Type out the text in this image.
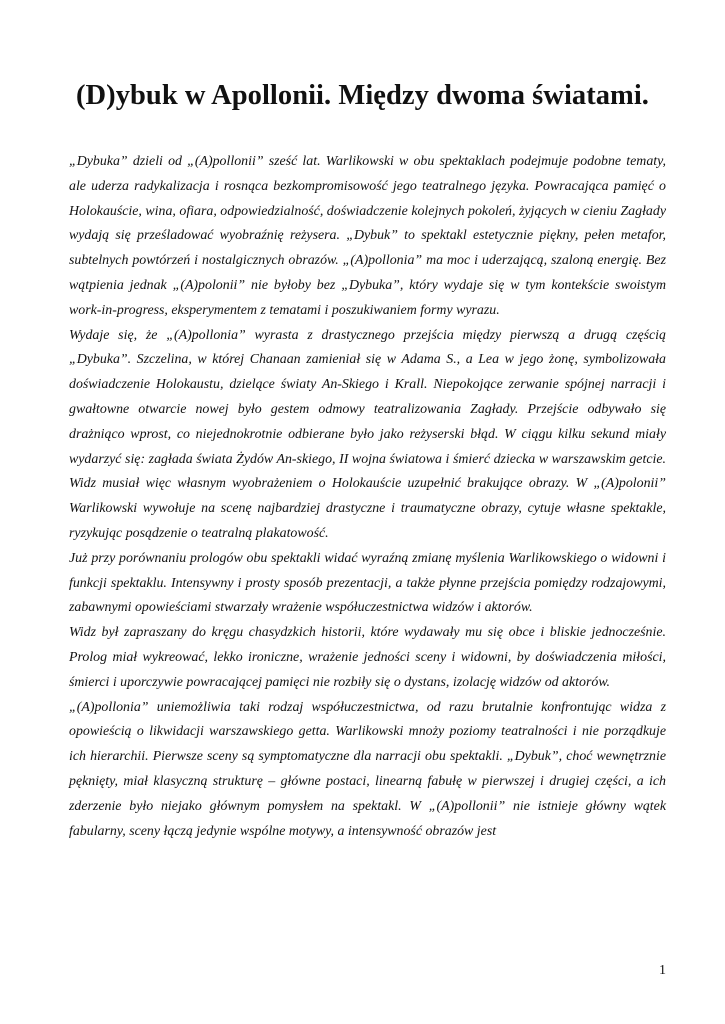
(D)ybuk w Apollonii. Między dwoma światami.

„Dybuka” dzieli od „(A)pollonii” sześć lat. Warlikowski w obu spektaklach podejmuje podobne tematy, ale uderza radykalizacja i rosnąca bezkompromisowość jego teatralnego języka. Powracająca pamięć o Holokauście, wina, ofiara, odpowiedzialność, doświadczenie kolejnych pokoleń, żyjących w cieniu Zagłady wydają się prześladować wyobraźnię reżysera. „Dybuk” to spektakl estetycznie piękny, pełen metafor, subtelnych powtórzeń i nostalgicznych obrazów. „(A)pollonia” ma moc i uderzającą, szaloną energię. Bez wątpienia jednak „(A)polonii” nie byłoby bez „Dybuka”, który wydaje się w tym kontekście swoistym work-in-progress, eksperymentem z tematami i poszukiwaniem formy wyrazu.

Wydaje się, że „(A)pollonia” wyrasta z drastycznego przejścia między pierwszą a drugą częścią „Dybuka”. Szczelina, w której Chanaan zamieniał się w Adama S., a Lea w jego żonę, symbolizowała doświadczenie Holokaustu, dzielące światy An-Skiego i Krall. Niepokojące zerwanie spójnej narracji i gwałtowne otwarcie nowej było gestem odmowy teatralizowania Zagłady. Przejście odbywało się drażniąco wprost, co niejednokrotnie odbierane było jako reżyserski błąd. W ciągu kilku sekund miały wydarzyć się: zagłada świata Żydów An-skiego, II wojna światowa i śmierć dziecka w warszawskim getcie. Widz musiał więc własnym wyobrażeniem o Holokauście uzupełnić brakujące obrazy. W „(A)polonii” Warlikowski wywołuje na scenę najbardziej drastyczne i traumatyczne obrazy, cytuje własne spektakle, ryzykując posądzenie o teatralną plakatowość.

Już przy porównaniu prologów obu spektakli widać wyraźną zmianę myślenia Warlikowskiego o widowni i funkcji spektaklu. Intensywny i prosty sposób prezentacji, a także płynne przejścia pomiędzy rodzajowymi, zabawnymi opowieściami stwarzały wrażenie współuczestnictwa widzów i aktorów.

Widz był zapraszany do kręgu chasydzkich historii, które wydawały mu się obce i bliskie jednocześnie. Prolog miał wykreować, lekko ironiczne, wrażenie jedności sceny i widowni, by doświadczenia miłości, śmierci i uporczywie powracającej pamięci nie rozbiły się o dystans, izolację widzów od aktorów.

„(A)pollonia” uniemożliwia taki rodzaj współuczestnictwa, od razu brutalnie konfrontując widza z opowieścią o likwidacji warszawskiego getta. Warlikowski mnoży poziomy teatralności i nie porządkuje ich hierarchii. Pierwsze sceny są symptomatyczne dla narracji obu spektakli. „Dybuk”, choć wewnętrznie pęknięty, miał klasyczną strukturę – główne postaci, linearną fabułę w pierwszej i drugiej części, a ich zderzenie było niejako głównym pomysłem na spektakl. W „(A)pollonii” nie istnieje główny wątek fabularny, sceny łączą jedynie wspólne motywy, a intensywność obrazów jest

1
